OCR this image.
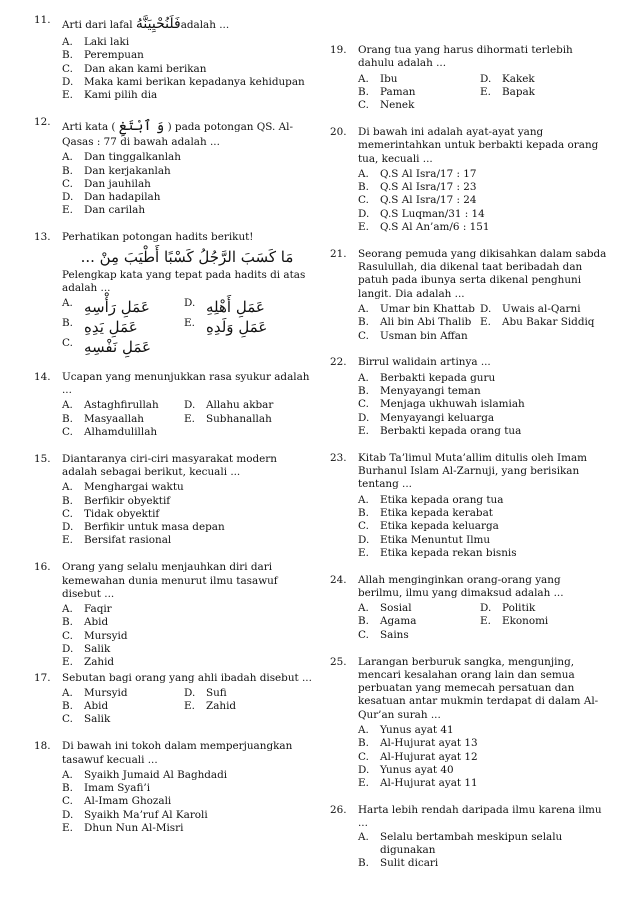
11. Arti dari lafal فَلَنُحْيِيَنَّهُadalah ...
A. Laki laki
B. Perempuan
C. Dan akan kami berikan
D. Maka kami berikan kepadanya kehidupan
E. Kami pilih dia
12. Arti kata ( وَ ٱبْتَغِ ) pada potongan QS. Al-Qasas : 77 di bawah adalah ...
A. Dan tinggalkanlah
B. Dan kerjakanlah
C. Dan jauhilah
D. Dan hadapilah
E. Dan carilah
13. Perhatikan potongan hadits berikut!
مَا كَسَبَ الرَّجُلُ كَسْبًا أَطْيَبَ مِنْ ...
Pelengkap kata yang tepat pada hadits di atas adalah ...
A. عَمَلِ رَأْسِهِ	D. عَمَلِ أَهْلِهِ
B. عَمَلِ يَدِهِ	E. عَمَلِ وَلَدِهِ
C. عَمَلِ نَفْسِهِ
14. Ucapan yang menunjukkan rasa syukur adalah ...
A. Astaghfirullah	D. Allahu akbar
B. Masyaallah	E. Subhanallah
C. Alhamdulillah
15. Diantaranya ciri-ciri masyarakat modern adalah sebagai berikut, kecuali ...
A. Menghargai waktu
B. Berfikir obyektif
C. Tidak obyektif
D. Berfikir untuk masa depan
E. Bersifat rasional
16. Orang yang selalu menjauhkan diri dari kemewahan dunia menurut ilmu tasawuf disebut ...
A. Faqir
B. Abid
C. Mursyid
D. Salik
E. Zahid
17. Sebutan bagi orang yang ahli ibadah disebut ...
A. Mursyid	D. Sufi
B. Abid	E. Zahid
C. Salik
18. Di bawah ini tokoh dalam memperjuangkan tasawuf kecuali ...
A. Syaikh Jumaid Al Baghdadi
B. Imam Syafi’i
C. Al-Imam Ghozali
D. Syaikh Ma’ruf Al Karoli
E. Dhun Nun Al-Misri
19. Orang tua yang harus dihormati terlebih dahulu adalah ...
A. Ibu	D. Kakek
B. Paman	E. Bapak
C. Nenek
20. Di bawah ini adalah ayat-ayat yang memerintahkan untuk berbakti kepada orang tua, kecuali ...
A. Q.S Al Isra/17 : 17
B. Q.S Al Isra/17 : 23
C. Q.S Al Isra/17 : 24
D. Q.S Luqman/31 : 14
E. Q.S Al An’am/6 : 151
21. Seorang pemuda yang dikisahkan dalam sabda Rasulullah, dia dikenal taat beribadah dan patuh pada ibunya serta dikenal penghuni langit. Dia adalah ...
A. Umar bin Khattab D. Uwais al-Qarni
B. Ali bin Abi Thalib E. Abu Bakar Siddiq
C. Usman bin Affan
22. Birrul walidain artinya ...
A. Berbakti kepada guru
B. Menyayangi teman
C. Menjaga ukhuwah islamiah
D. Menyayangi keluarga
E. Berbakti kepada orang tua
23. Kitab Ta’limul Muta’allim ditulis oleh Imam Burhanul Islam Al-Zarnuji, yang berisikan tentang ...
A. Etika kepada orang tua
B. Etika kepada kerabat
C. Etika kepada keluarga
D. Etika Menuntut Ilmu
E. Etika kepada rekan bisnis
24. Allah menginginkan orang-orang yang berilmu, ilmu yang dimaksud adalah ...
A. Sosial	D. Politik
B. Agama	E. Ekonomi
C. Sains
25. Larangan berburuk sangka, mengunjing, mencari kesalahan orang lain dan semua perbuatan yang memecah persatuan dan kesatuan antar mukmin terdapat di dalam Al-Qur’an surah ...
A. Yunus ayat 41
B. Al-Hujurat ayat 13
C. Al-Hujurat ayat 12
D. Yunus ayat 40
E. Al-Hujurat ayat 11
26. Harta lebih rendah daripada ilmu karena ilmu ...
A. Selalu bertambah meskipun selalu digunakan
B. Sulit dicari
